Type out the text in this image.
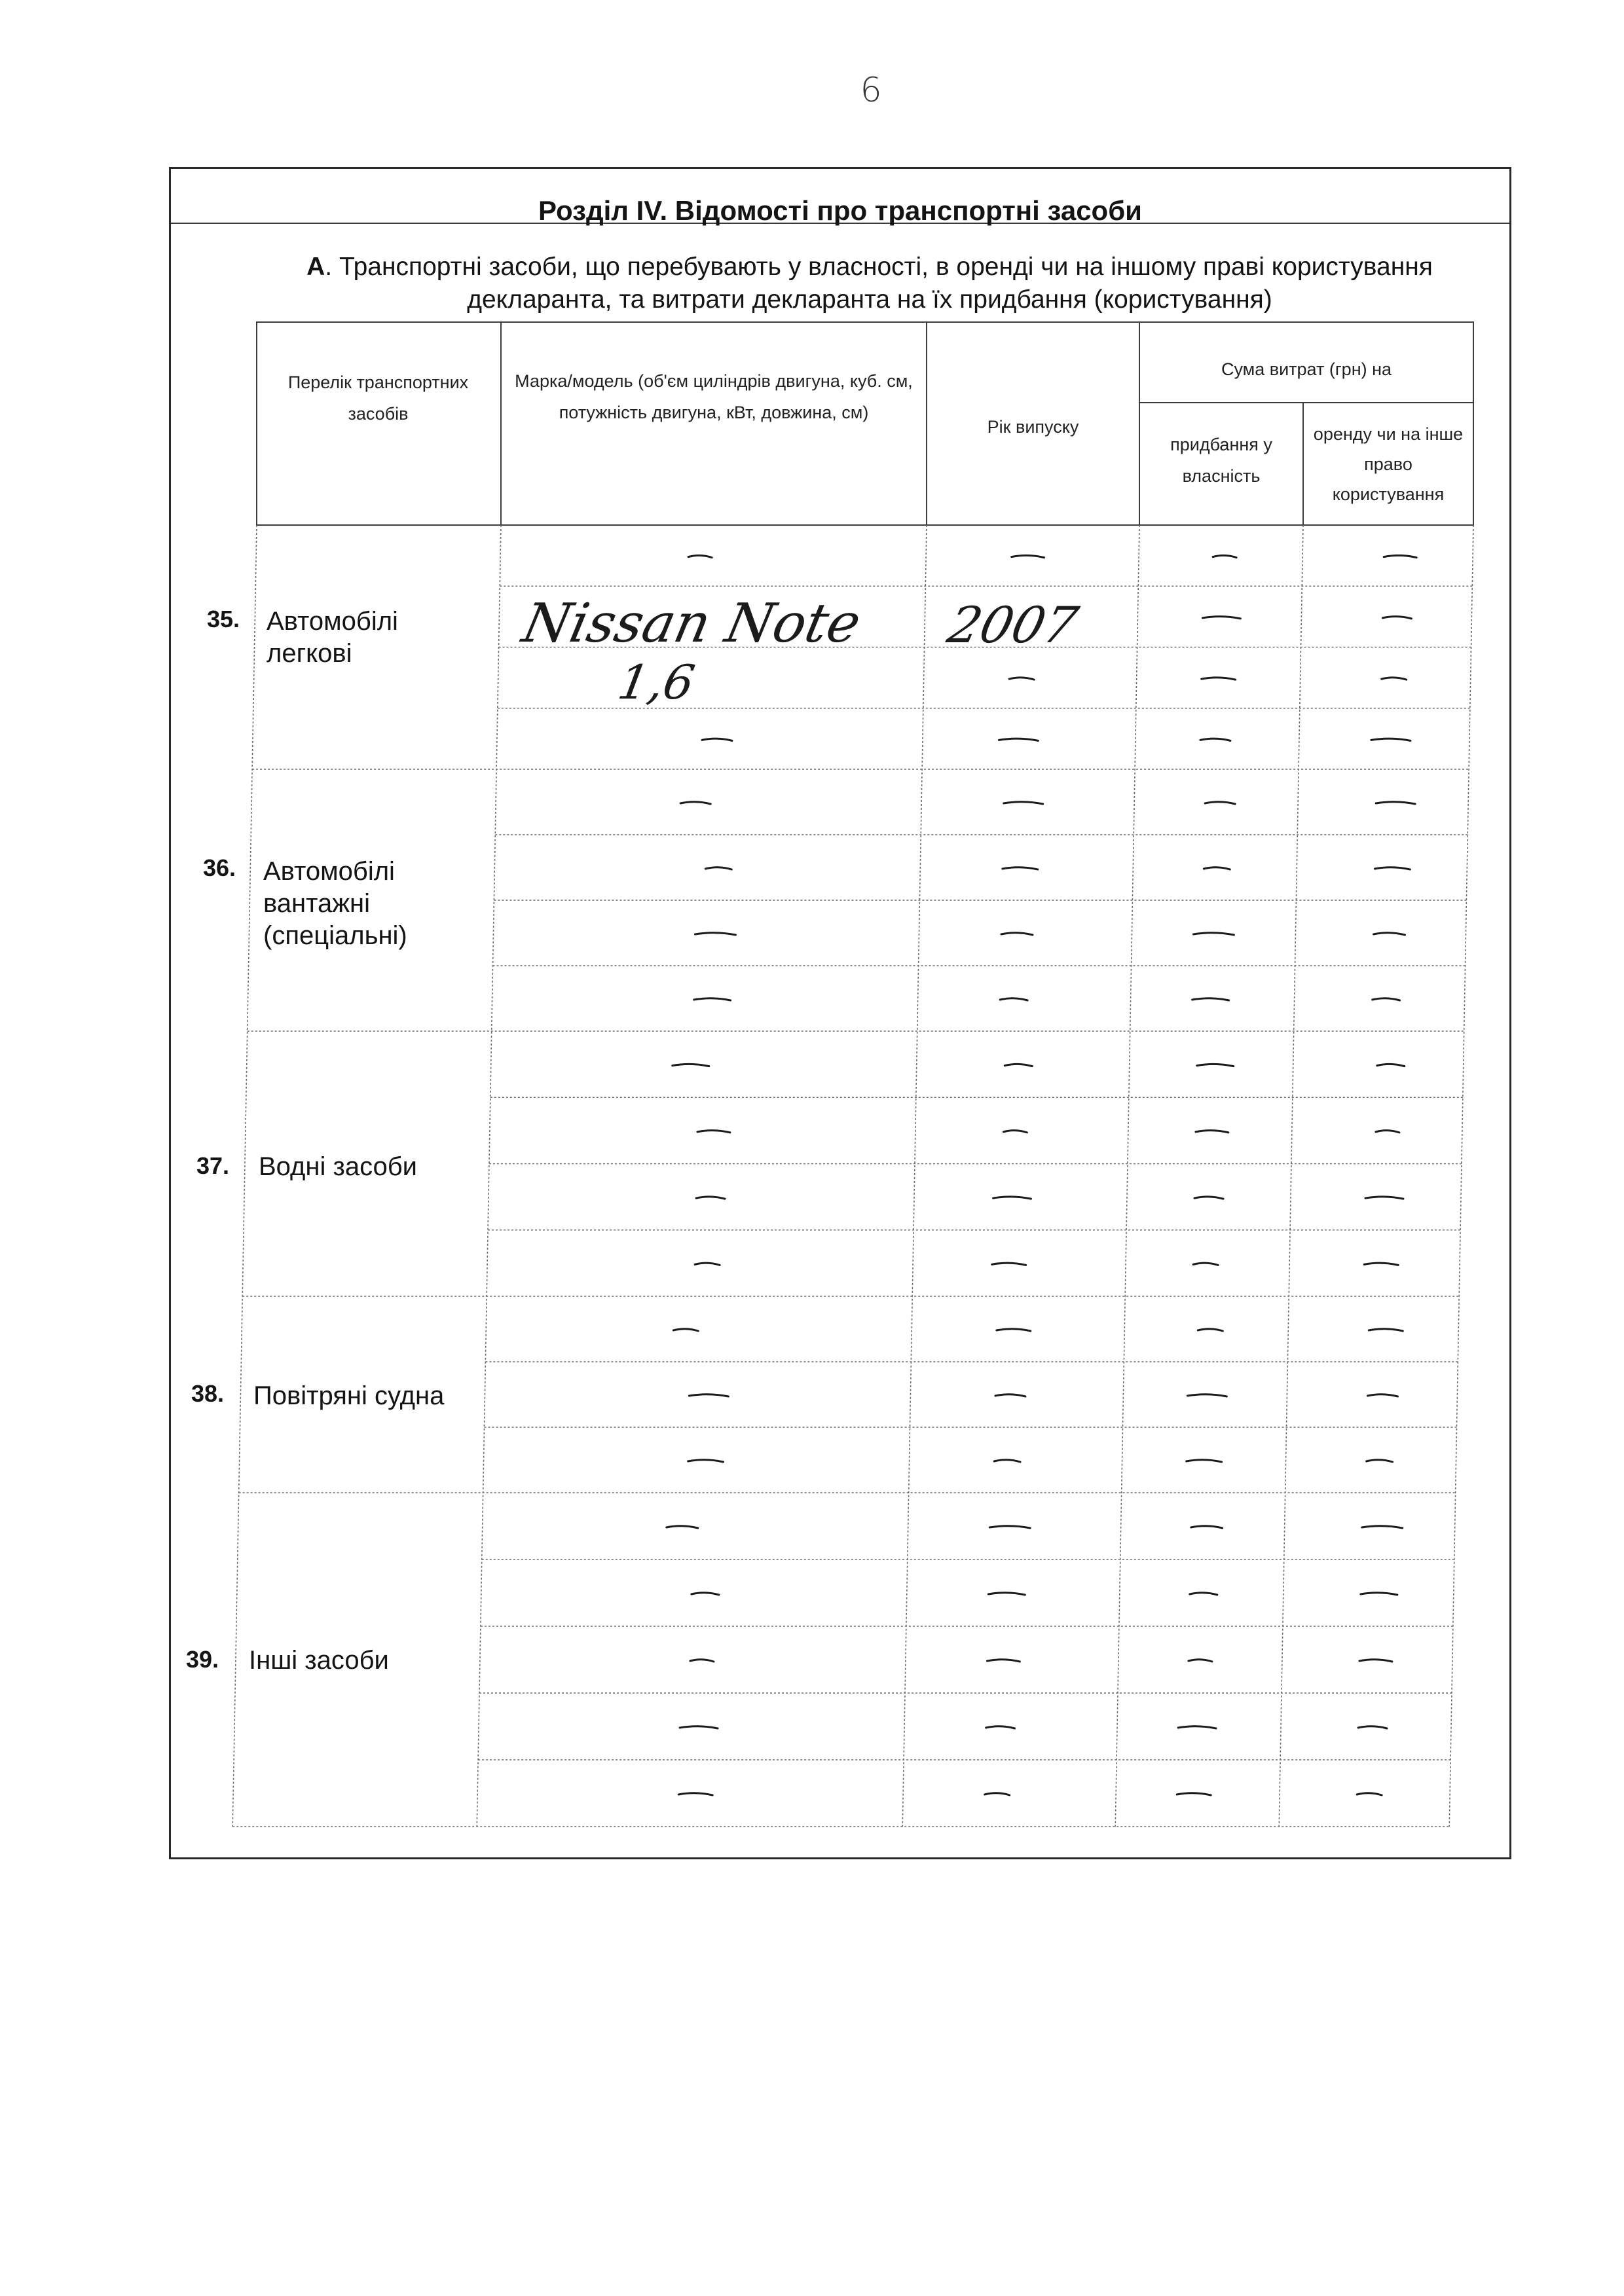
6
Розділ IV. Відомості про транспортні засоби
А. Транспортні засоби, що перебувають у власності, в оренді чи на іншому праві користування декларанта, та витрати декларанта на їх придбання (користування)
Перелік транспортних засобів
Марка/модель (об'єм циліндрів двигуна, куб. см, потужність двигуна, кВт, довжина, см)
Рік випуску
Сума витрат (грн) на
придбання у власність
оренду чи на інше право користування
35. Автомобілі легкові
36. Автомобілі вантажні (спеціальні)
37. Водні засоби
38. Повітряні судна
39. Інші засоби
Nissan Note 2007
1,6
